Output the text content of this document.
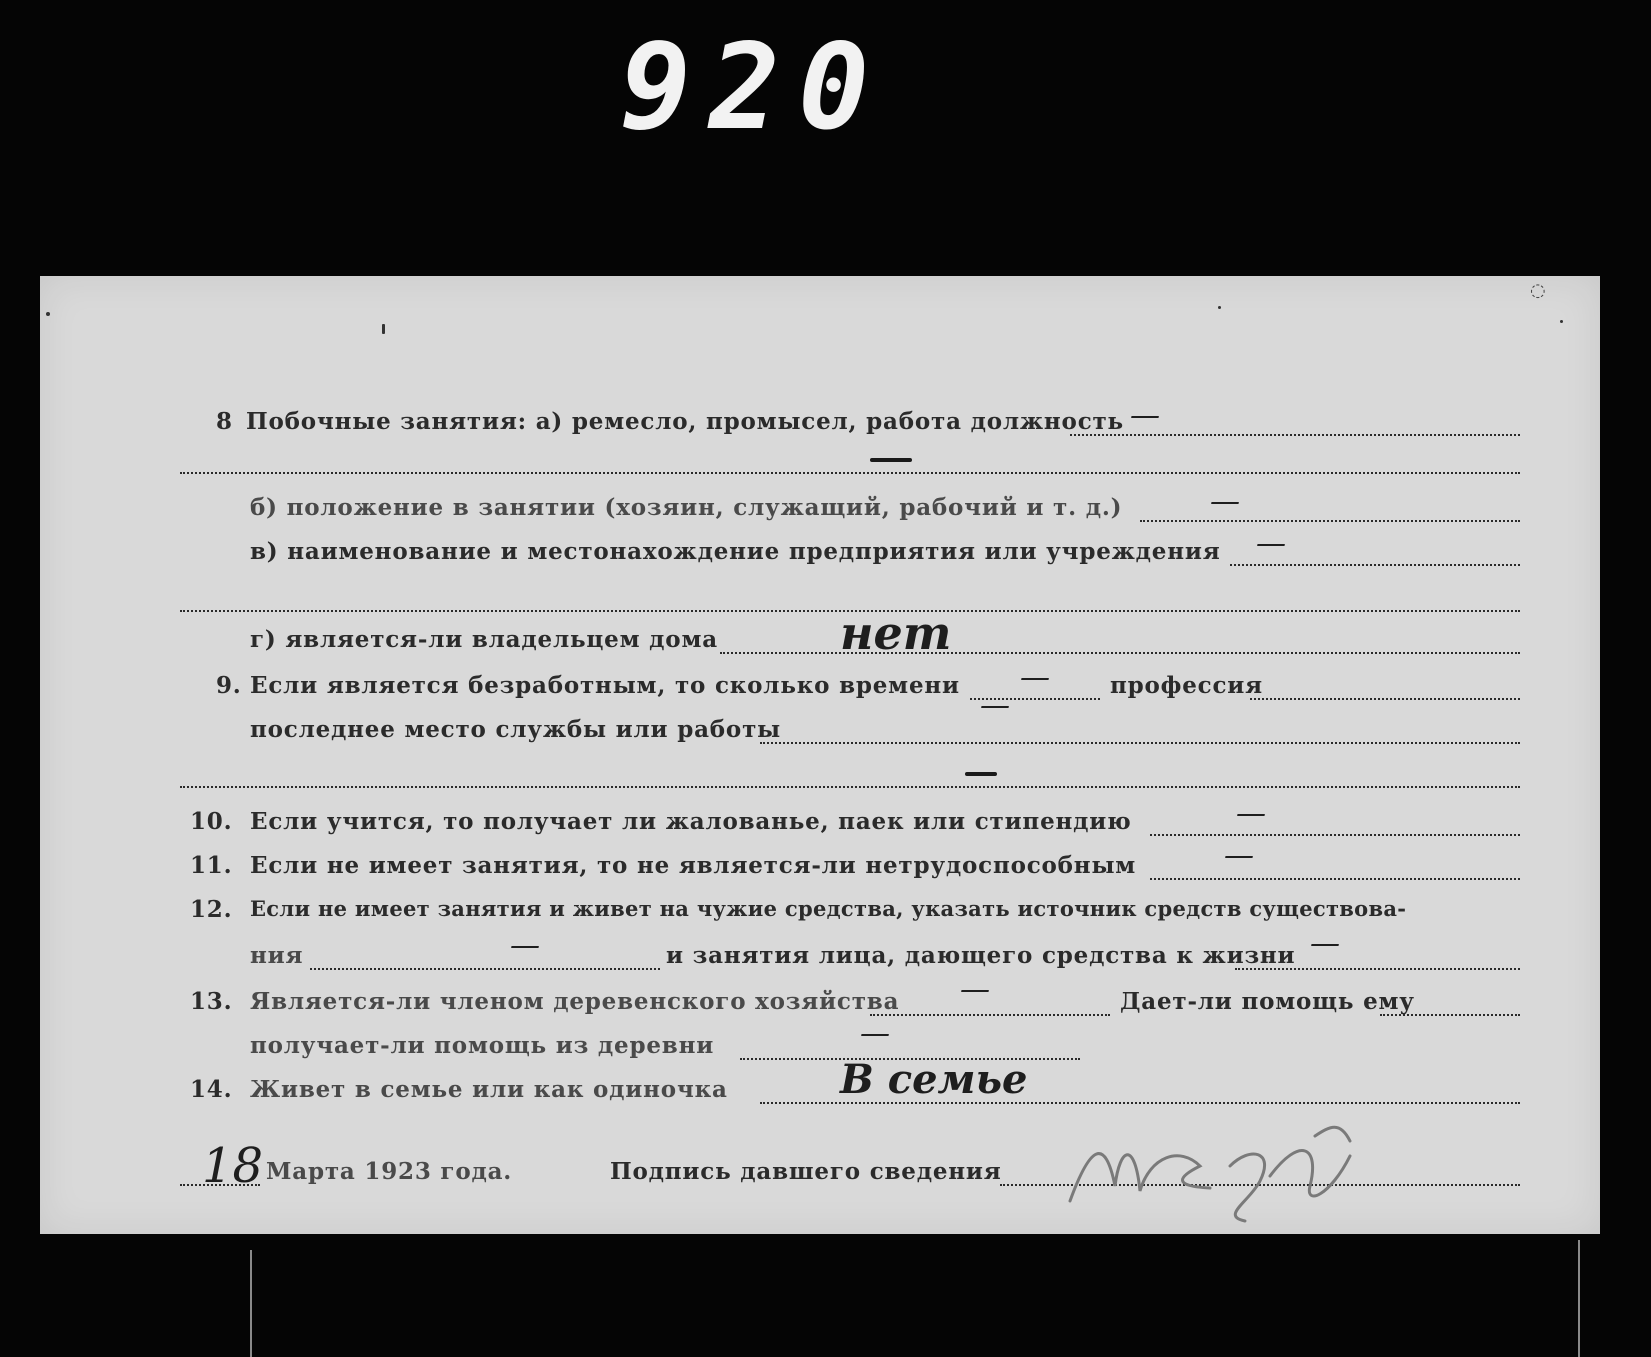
920
◌
8 Побочные занятия: а) ремесло, промысел, работа должность —
б) положение в занятии (хозяин, служащий, рабочий и т. д.)	—
в) наименование и местонахождение предприятия или учреждения —
г) является-ли владельцем дома	нет
9. Если является безработным, то сколько времени —	профессия
последнее место службы или работы
—
10. Если учится, то получает ли жалованье, паек или стипендию	—
11. Если не имеет занятия, то не является-ли нетрудоспособным	—
12. Если не имеет занятия и живет на чужие средства, указать источник средств существова-
ния	—	и занятия лица, дающего средства к жизни —
13. Является-ли членом деревенского хозяйства —	Дает-ли помощь ему
получает-ли помощь из деревни	—
14. Живет в семье или как одиночка	В семье
18 Марта 1923 года.	Подпись давшего сведения
